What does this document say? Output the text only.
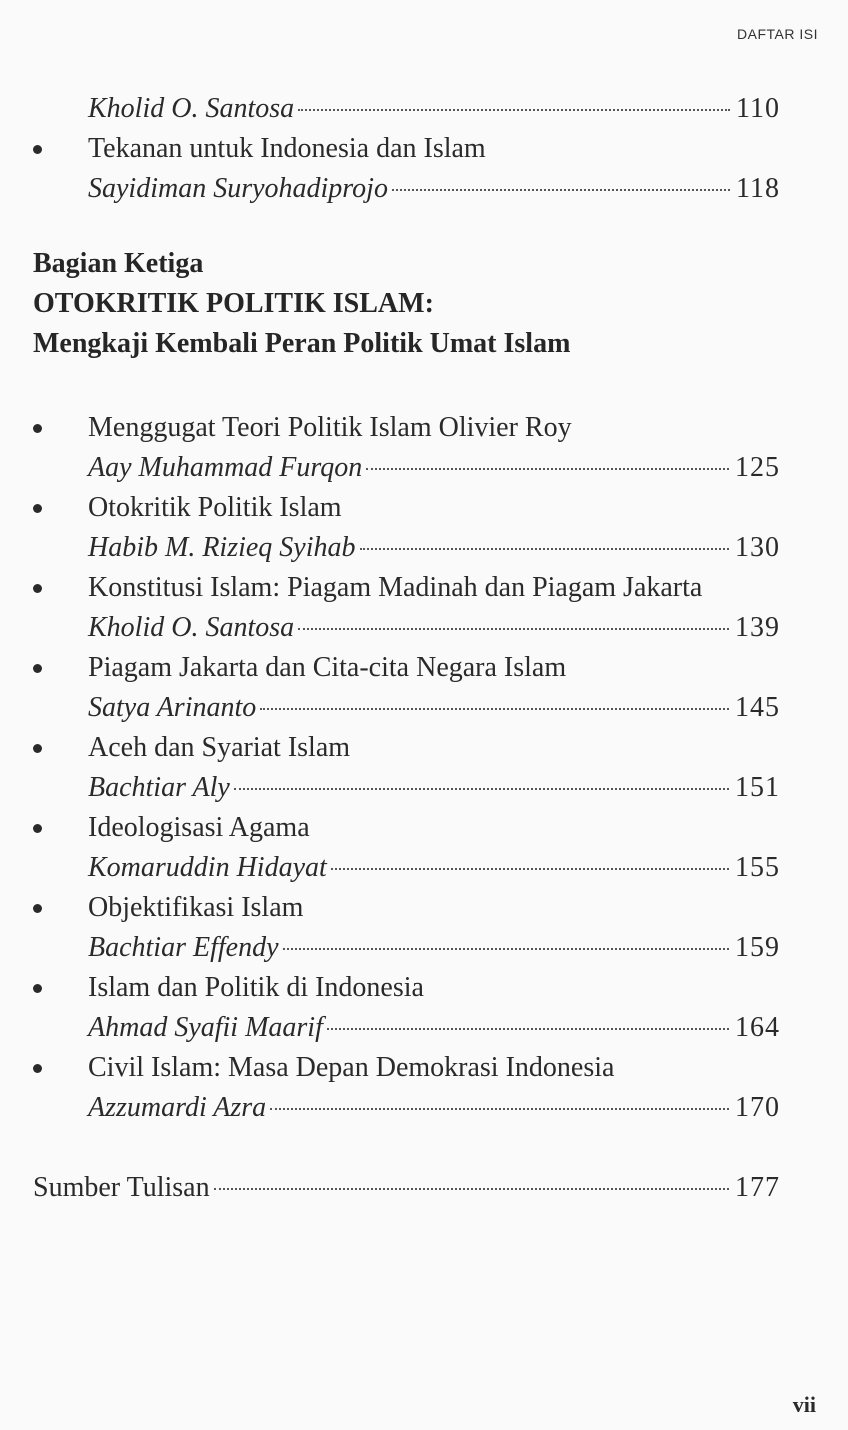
DAFTAR ISI
Kholid O. Santosa	110
Tekanan untuk Indonesia dan Islam
Sayidiman Suryohadiprojo	118
Bagian Ketiga
OTOKRITIK POLITIK ISLAM:
Mengkaji Kembali Peran Politik Umat Islam
Menggugat Teori Politik Islam Olivier Roy
Aay Muhammad Furqon	125
Otokritik Politik Islam
Habib M. Rizieq Syihab	130
Konstitusi Islam: Piagam Madinah dan Piagam Jakarta
Kholid O. Santosa	139
Piagam Jakarta dan Cita-cita Negara Islam
Satya Arinanto	145
Aceh dan Syariat Islam
Bachtiar Aly	151
Ideologisasi Agama
Komaruddin Hidayat	155
Objektifikasi Islam
Bachtiar Effendy	159
Islam dan Politik di Indonesia
Ahmad Syafii Maarif	164
Civil Islam: Masa Depan Demokrasi Indonesia
Azzumardi Azra	170
Sumber Tulisan	177
vii
